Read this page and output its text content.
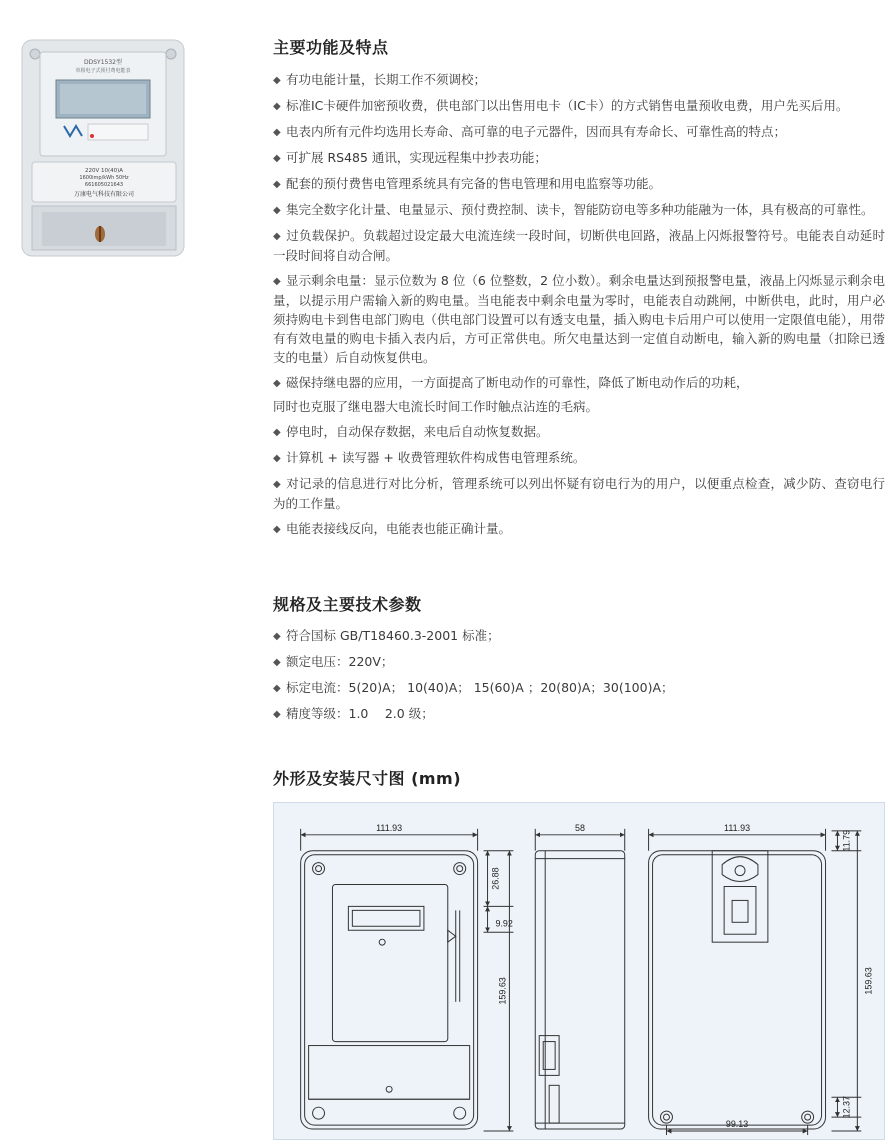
DDSY1532型
单相电子式预付费电能表
220V 10(40)A
1600imp/kWh 50Hz
661605021643
万康电气科技有限公司
主要功能及特点
◆ 有功电能计量，长期工作不须调校；
◆ 标准IC卡硬件加密预收费，供电部门以出售用电卡（IC卡）的方式销售电量预收电费，用户先买后用。
◆ 电表内所有元件均选用长寿命、高可靠的电子元器件，因而具有寿命长、可靠性高的特点；
◆ 可扩展 RS485 通讯，实现远程集中抄表功能；
◆ 配套的预付费售电管理系统具有完备的售电管理和用电监察等功能。
◆ 集完全数字化计量、电量显示、预付费控制、读卡，智能防窃电等多种功能融为一体，具有极高的可靠性。
◆ 过负载保护。负载超过设定最大电流连续一段时间，切断供电回路，液晶上闪烁报警符号。电能表自动延时一段时间将自动合闸。
◆ 显示剩余电量：显示位数为 8 位（6 位整数，2 位小数）。剩余电量达到预报警电量，液晶上闪烁显示剩余电量，以提示用户需输入新的购电量。当电能表中剩余电量为零时，电能表自动跳闸，中断供电，此时，用户必须持购电卡到售电部门购电（供电部门设置可以有透支电量，插入购电卡后用户可以使用一定限值电能），用带有有效电量的购电卡插入表内后，方可正常供电。所欠电量达到一定值自动断电，输入新的购电量（扣除已透支的电量）后自动恢复供电。
◆ 磁保持继电器的应用，一方面提高了断电动作的可靠性，降低了断电动作后的功耗，
同时也克服了继电器大电流长时间工作时触点沾连的毛病。
◆ 停电时，自动保存数据，来电后自动恢复数据。
◆ 计算机 + 读写器 + 收费管理软件构成售电管理系统。
◆ 对记录的信息进行对比分析，管理系统可以列出怀疑有窃电行为的用户，以便重点检查，减少防、查窃电行为的工作量。
◆ 电能表接线反向，电能表也能正确计量。
规格及主要技术参数
◆ 符合国标 GB/T18460.3-2001 标准；
◆ 额定电压：220V；
◆ 标定电流：5(20)A； 10(40)A； 15(60)A ；20(80)A；30(100)A；
◆ 精度等级：1.0　 2.0 级；
外形及安装尺寸图 (mm)
111.93
26.88
9.92
159.63
58	111.93
11.79
159.63
12.37
99.13
